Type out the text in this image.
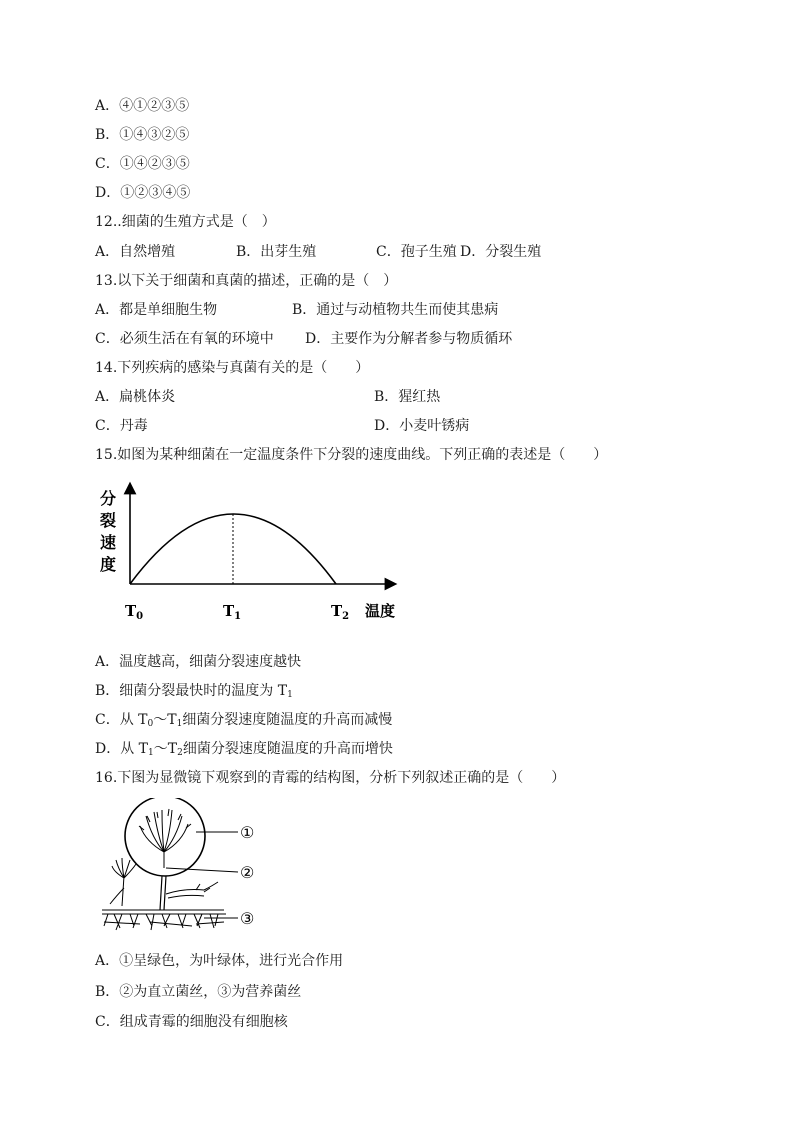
A．④①②③⑤
B．①④③②⑤
C．①④②③⑤
D．①②③④⑤
12..细菌的生殖方式是（　）
A．自然增殖	B．出芽生殖	C．孢子生殖 D．分裂生殖
13.以下关于细菌和真菌的描述，正确的是（　）
A．都是单细胞生物	B．通过与动植物共生而使其患病
C．必须生活在有氧的环境中 D．主要作为分解者参与物质循环
14.下列疾病的感染与真菌有关的是（　　）
A．扁桃体炎	B．猩红热
C．丹毒	D．小麦叶锈病
15.如图为某种细菌在一定温度条件下分裂的速度曲线。下列正确的表述是（　　）
分
裂
速
度
$T_0$	$T_1$	$T_2$ 温度
A．温度越高，细菌分裂速度越快
B．细菌分裂最快时的温度为 $T_1$
C．从 $T_0\sim T_1$细菌分裂速度随温度的升高而减慢
D．从 $T_1\sim T_2$细菌分裂速度随温度的升高而增快
16.下图为显微镜下观察到的青霉的结构图，分析下列叙述正确的是（　　）
①
②
③
A．①呈绿色，为叶绿体，进行光合作用
B．②为直立菌丝，③为营养菌丝
C．组成青霉的细胞没有细胞核
